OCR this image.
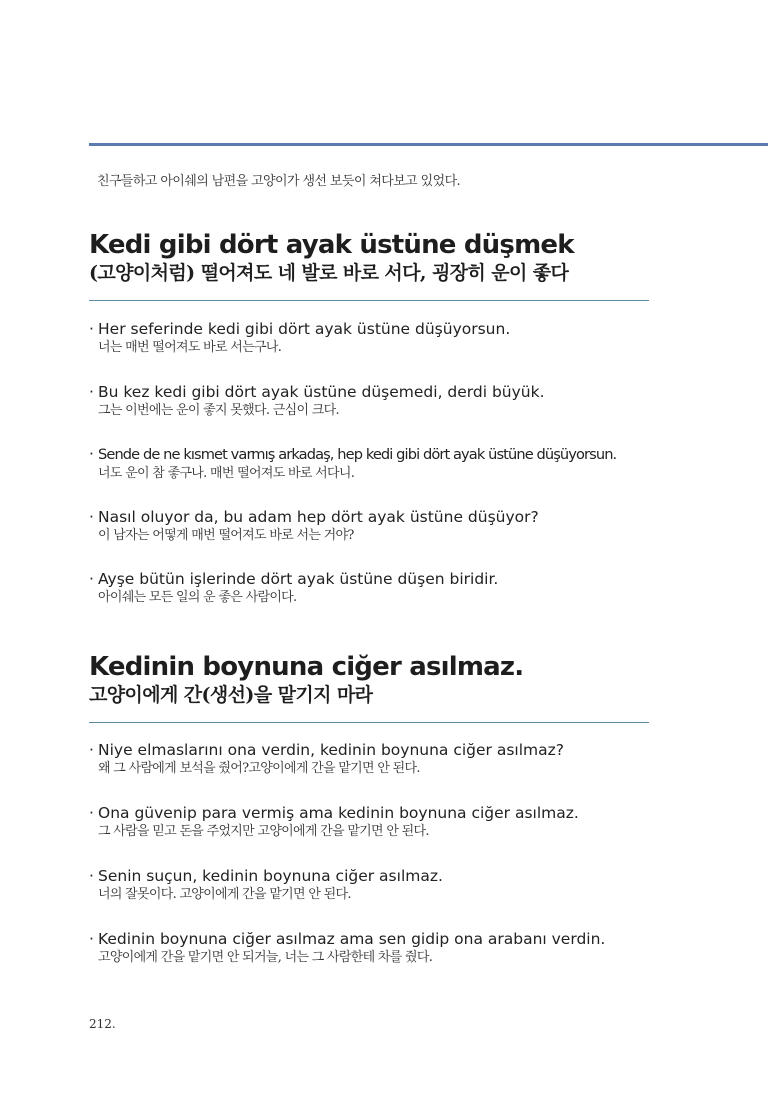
친구들하고 아이쉐의 남편을 고양이가 생선 보듯이 쳐다보고 있었다.
Kedi gibi dört ayak üstüne düşmek
(고양이처럼) 떨어져도 네 발로 바로 서다, 굉장히 운이 좋다
· Her seferinde kedi gibi dört ayak üstüne düşüyorsun.
너는 매번 떨어져도 바로 서는구나.
· Bu kez kedi gibi dört ayak üstüne düşemedi, derdi büyük.
그는 이번에는 운이 좋지 못했다. 근심이 크다.
· Sende de ne kısmet varmış arkadaş, hep kedi gibi dört ayak üstüne düşüyorsun.
너도 운이 참 좋구나. 매번 떨어져도 바로 서다니.
· Nasıl oluyor da, bu adam hep dört ayak üstüne düşüyor?
이 남자는 어떻게 매번 떨어져도 바로 서는 거야?
· Ayşe bütün işlerinde dört ayak üstüne düşen biridir.
아이쉐는 모든 일의 운 좋은 사람이다.
Kedinin boynuna ciğer asılmaz.
고양이에게 간(생선)을 맡기지 마라
· Niye elmaslarını ona verdin, kedinin boynuna ciğer asılmaz?
왜 그 사람에게 보석을 줬어?고양이에게 간을 맡기면 안 된다.
· Ona güvenip para vermiş ama kedinin boynuna ciğer asılmaz.
그 사람을 믿고 돈을 주었지만 고양이에게 간을 맡기면 안 된다.
· Senin suçun, kedinin boynuna ciğer asılmaz.
너의 잘못이다. 고양이에게 간을 맡기면 안 된다.
· Kedinin boynuna ciğer asılmaz ama sen gidip ona arabanı verdin.
고양이에게 간을 맡기면 안 되거늘, 너는 그 사람한테 차를 줬다.
212.
